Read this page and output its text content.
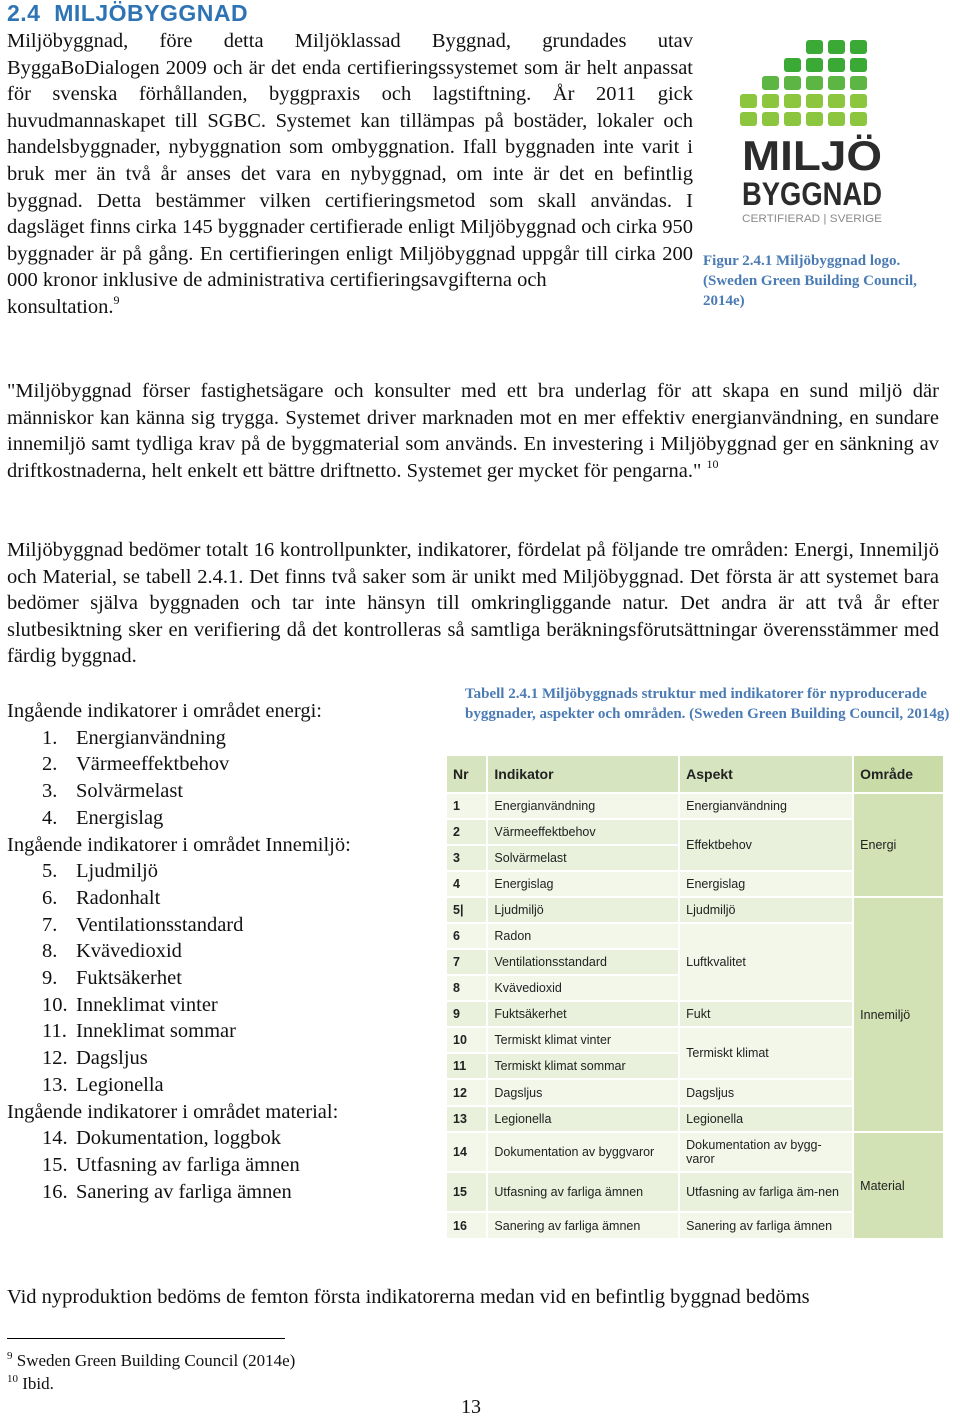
2.4 MILJÖBYGGNAD
Miljöbyggnad, före detta Miljöklassad Byggnad, grundades utav ByggaBoDialogen 2009 och är det enda certifieringssystemet som är helt anpassat för svenska förhållanden, byggpraxis och lagstiftning. År 2011 gick huvudmannaskapet till SGBC. Systemet kan tillämpas på bostäder, lokaler och handelsbyggnader, nybyggnation som ombyggnation. Ifall byggnaden inte varit i bruk mer än två år anses det vara en nybyggnad, om inte är det en befintlig byggnad. Detta bestämmer vilken certifieringsmetod som skall användas. I dagsläget finns cirka 145 byggnader certifierade enligt Miljöbyggnad och cirka 950 byggnader är på gång. En certifieringen enligt Miljöbyggnad uppgår till cirka 200 000 kronor inklusive de administrativa certifieringsavgifterna och
konsultation.$^9$
MILJÖ
BYGGNAD
CERTIFIERAD | SVERIGE
Figur 2.4.1 Miljöbyggnad logo. (Sweden Green Building Council, 2014e)
"Miljöbyggnad förser fastighetsägare och konsulter med ett bra underlag för att skapa en sund miljö där människor kan känna sig trygga. Systemet driver marknaden mot en mer effektiv energianvändning, en sundare innemiljö samt tydliga krav på de byggmaterial som används. En investering i Miljöbyggnad ger en sänkning av driftkostnaderna, helt enkelt ett bättre driftnetto. Systemet ger mycket för pengarna." $^{10}$
Miljöbyggnad bedömer totalt 16 kontrollpunkter, indikatorer, fördelat på följande tre områden: Energi, Innemiljö och Material, se tabell 2.4.1. Det finns två saker som är unikt med Miljöbyggnad. Det första är att systemet bara bedömer själva byggnaden och tar inte hänsyn till omkringliggande natur. Det andra är att två år efter slutbesiktning sker en verifiering då det kontrolleras så samtliga beräkningsförutsättningar överensstämmer med färdig byggnad.
Ingående indikatorer i området energi:
1. Energianvändning
2. Värmeeffektbehov
3. Solvärmelast
4. Energislag
Ingående indikatorer i området Innemiljö:
5. Ljudmiljö
6. Radonhalt
7. Ventilationsstandard
8. Kvävedioxid
9. Fuktsäkerhet
10. Inneklimat vinter
11. Inneklimat sommar
12. Dagsljus
13. Legionella
Ingående indikatorer i området material:
14. Dokumentation, loggbok
15. Utfasning av farliga ämnen
16. Sanering av farliga ämnen
Tabell 2.4.1 Miljöbyggnads struktur med indikatorer för nyproducerade byggnader, aspekter och områden. (Sweden Green Building Council, 2014g)
Nr	Indikator	Aspekt	Område
1	Energianvändning	Energianvändning	Energi
2	Värmeeffektbehov	Effektbehov	
3	Solvärmelast		
4	Energislag	Energislag	
5|	Ljudmiljö	Ljudmiljö	Innemiljö
6	Radon	Luftkvalitet	
7	Ventilationsstandard		
8	Kvävedioxid		
9	Fuktsäkerhet	Fukt	
10	Termiskt klimat vinter	Termiskt klimat	
11	Termiskt klimat sommar		
12	Dagsljus	Dagsljus	
13	Legionella	Legionella	
14	Dokumentation av byggvaror	Dokumentation av bygg-varor	Material
15	Utfasning av farliga ämnen	Utfasning av farliga äm-nen	
16	Sanering av farliga ämnen	Sanering av farliga ämnen	
Vid nyproduktion bedöms de femton första indikatorerna medan vid en befintlig byggnad bedöms
$^9$ Sweden Green Building Council (2014e)
$^{10}$ Ibid.
13
